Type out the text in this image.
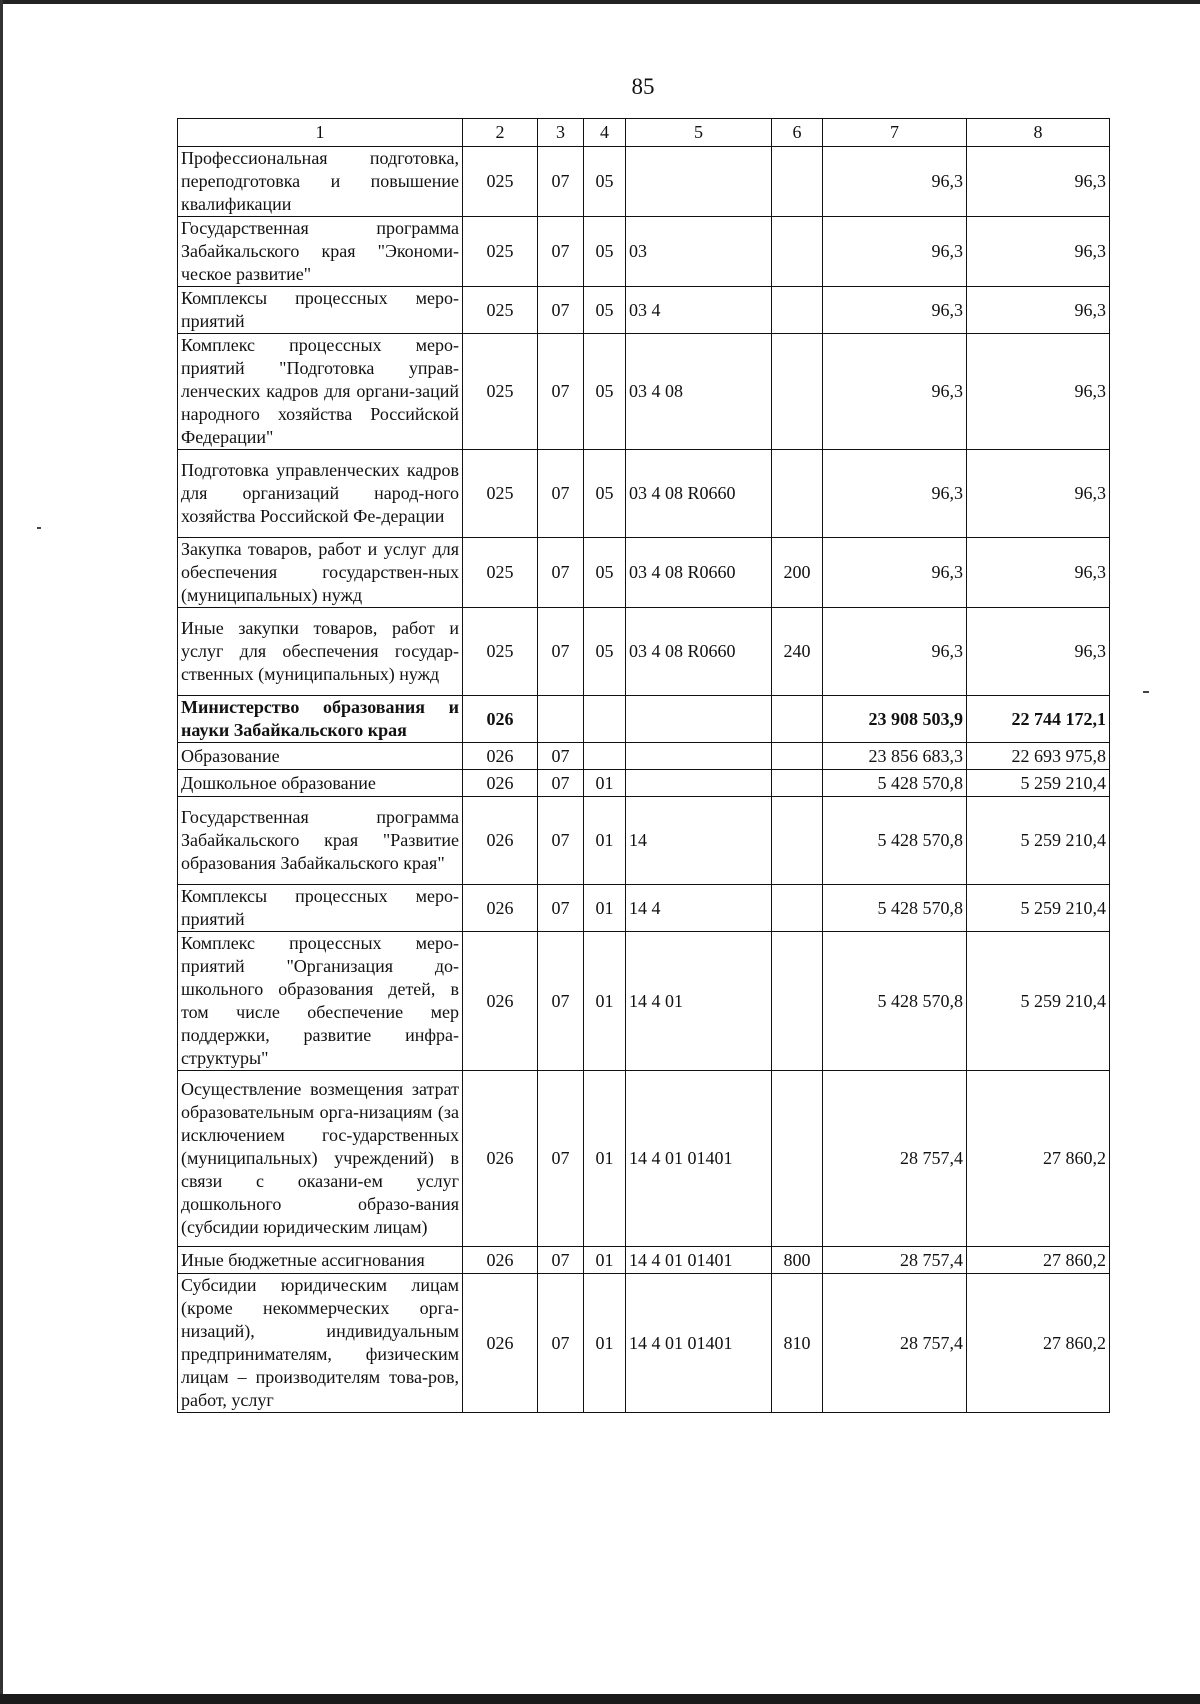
85
1	2	3	4	5	6	7	8
Профессиональная подготовка, переподготовка и повышение квалификации	025	07	05			96,3	96,3
Государственная программа Забайкальского края "Экономи-ческое развитие"	025	07	05	03		96,3	96,3
Комплексы процессных меро-приятий	025	07	05	03 4		96,3	96,3
Комплекс процессных меро-приятий "Подготовка управ-ленческих кадров для органи-заций народного хозяйства Российской Федерации"	025	07	05	03 4 08		96,3	96,3
Подготовка управленческих кадров для организаций народ-ного хозяйства Российской Фе-дерации	025	07	05	03 4 08 R0660		96,3	96,3
Закупка товаров, работ и услуг для обеспечения государствен-ных (муниципальных) нужд	025	07	05	03 4 08 R0660	200	96,3	96,3
Иные закупки товаров, работ и услуг для обеспечения государ-ственных (муниципальных) нужд	025	07	05	03 4 08 R0660	240	96,3	96,3
Министерство образования и науки Забайкальского края	026					23 908 503,9	22 744 172,1
Образование	026	07				23 856 683,3	22 693 975,8
Дошкольное образование	026	07	01			5 428 570,8	5 259 210,4
Государственная программа Забайкальского края "Развитие образования Забайкальского края"	026	07	01	14		5 428 570,8	5 259 210,4
Комплексы процессных меро-приятий	026	07	01	14 4		5 428 570,8	5 259 210,4
Комплекс процессных меро-приятий "Организация до-школьного образования детей, в том числе обеспечение мер поддержки, развитие инфра-структуры"	026	07	01	14 4 01		5 428 570,8	5 259 210,4
Осуществление возмещения затрат образовательным орга-низациям (за исключением гос-ударственных (муниципальных) учреждений) в связи с оказани-ем услуг дошкольного образо-вания (субсидии юридическим лицам)	026	07	01	14 4 01 01401		28 757,4	27 860,2
Иные бюджетные ассигнования	026	07	01	14 4 01 01401	800	28 757,4	27 860,2
Субсидии юридическим лицам (кроме некоммерческих орга-низаций), индивидуальным предпринимателям, физическим лицам – производителям това-ров, работ, услуг	026	07	01	14 4 01 01401	810	28 757,4	27 860,2
